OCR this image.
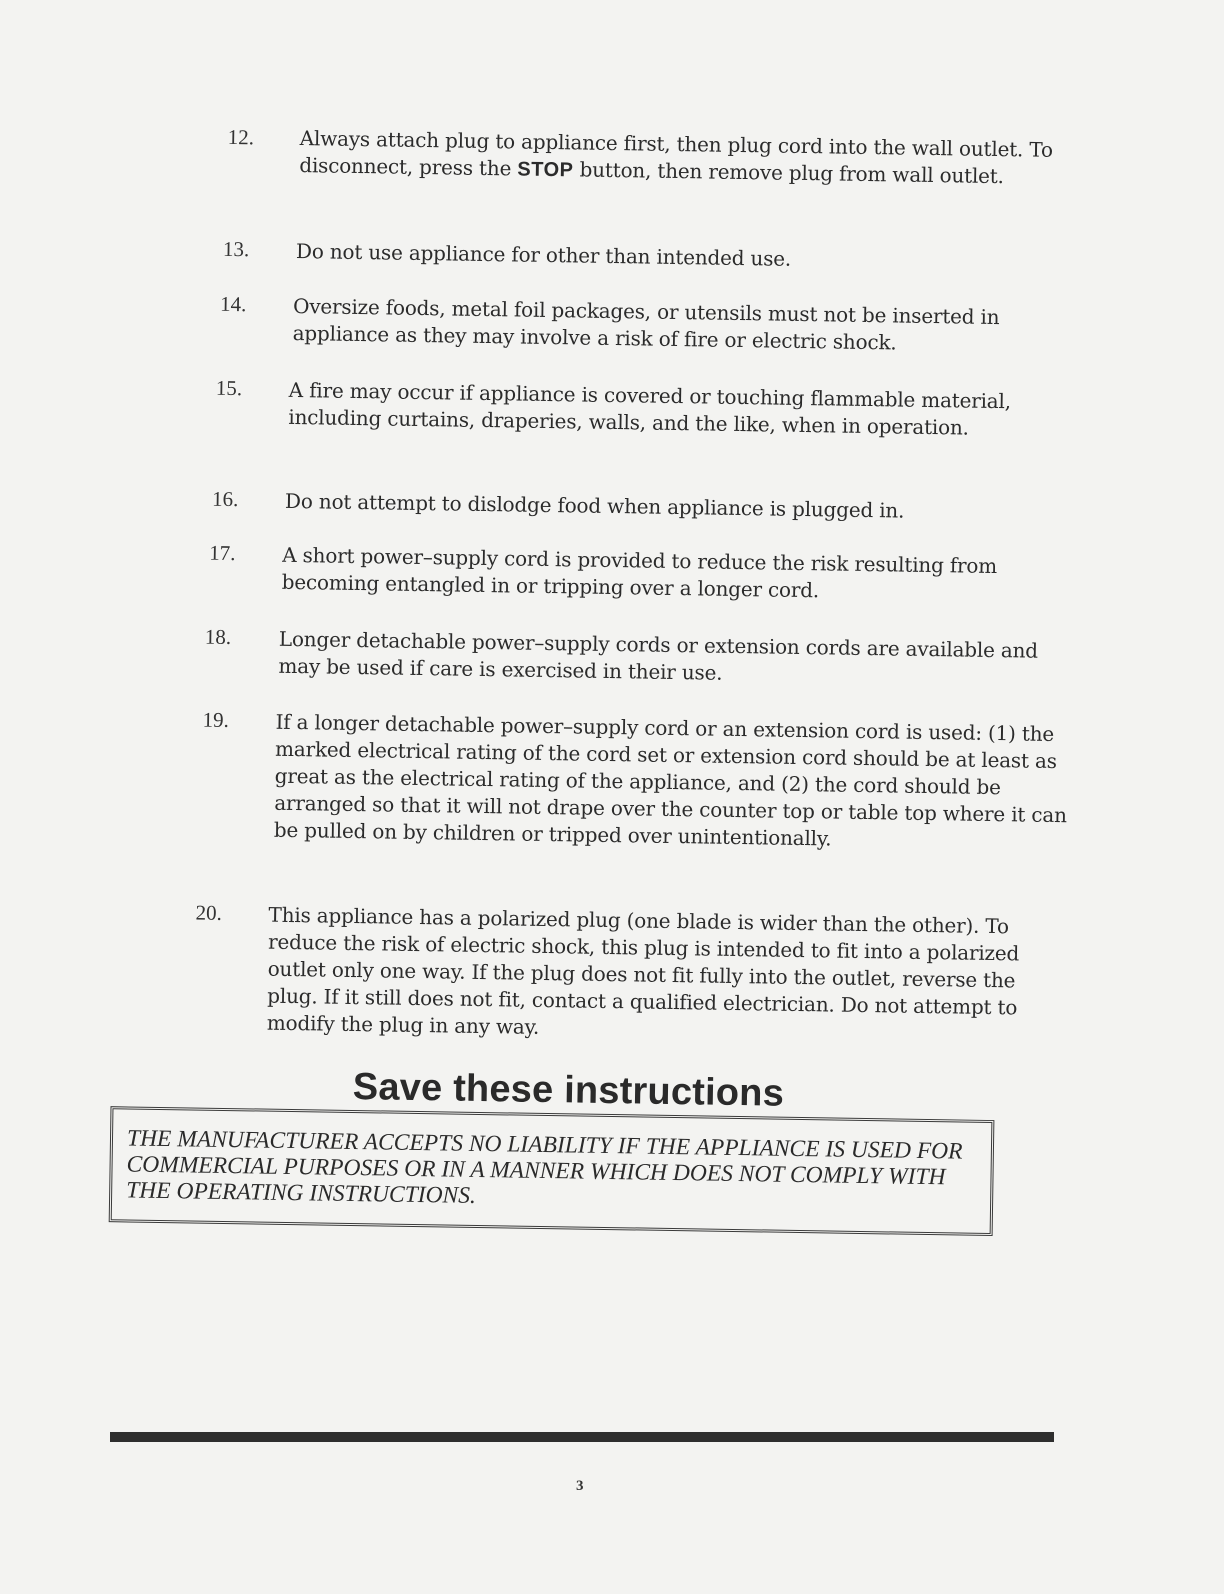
12. Always attach plug to appliance first, then plug cord into the wall outlet. To disconnect, press the STOP button, then remove plug from wall outlet.
13. Do not use appliance for other than intended use.
14. Oversize foods, metal foil packages, or utensils must not be inserted in appliance as they may involve a risk of fire or electric shock.
15. A fire may occur if appliance is covered or touching flammable material, including curtains, draperies, walls, and the like, when in operation.
16. Do not attempt to dislodge food when appliance is plugged in.
17. A short power–supply cord is provided to reduce the risk resulting from becoming entangled in or tripping over a longer cord.
18. Longer detachable power–supply cords or extension cords are available and may be used if care is exercised in their use.
19. If a longer detachable power–supply cord or an extension cord is used: (1) the marked electrical rating of the cord set or extension cord should be at least as great as the electrical rating of the appliance, and (2) the cord should be arranged so that it will not drape over the counter top or table top where it can be pulled on by children or tripped over unintentionally.
20. This appliance has a polarized plug (one blade is wider than the other). To reduce the risk of electric shock, this plug is intended to fit into a polarized outlet only one way. If the plug does not fit fully into the outlet, reverse the plug. If it still does not fit, contact a qualified electrician. Do not attempt to modify the plug in any way.
Save these instructions
THE MANUFACTURER ACCEPTS NO LIABILITY IF THE APPLIANCE IS USED FOR COMMERCIAL PURPOSES OR IN A MANNER WHICH DOES NOT COMPLY WITH THE OPERATING INSTRUCTIONS.
3
